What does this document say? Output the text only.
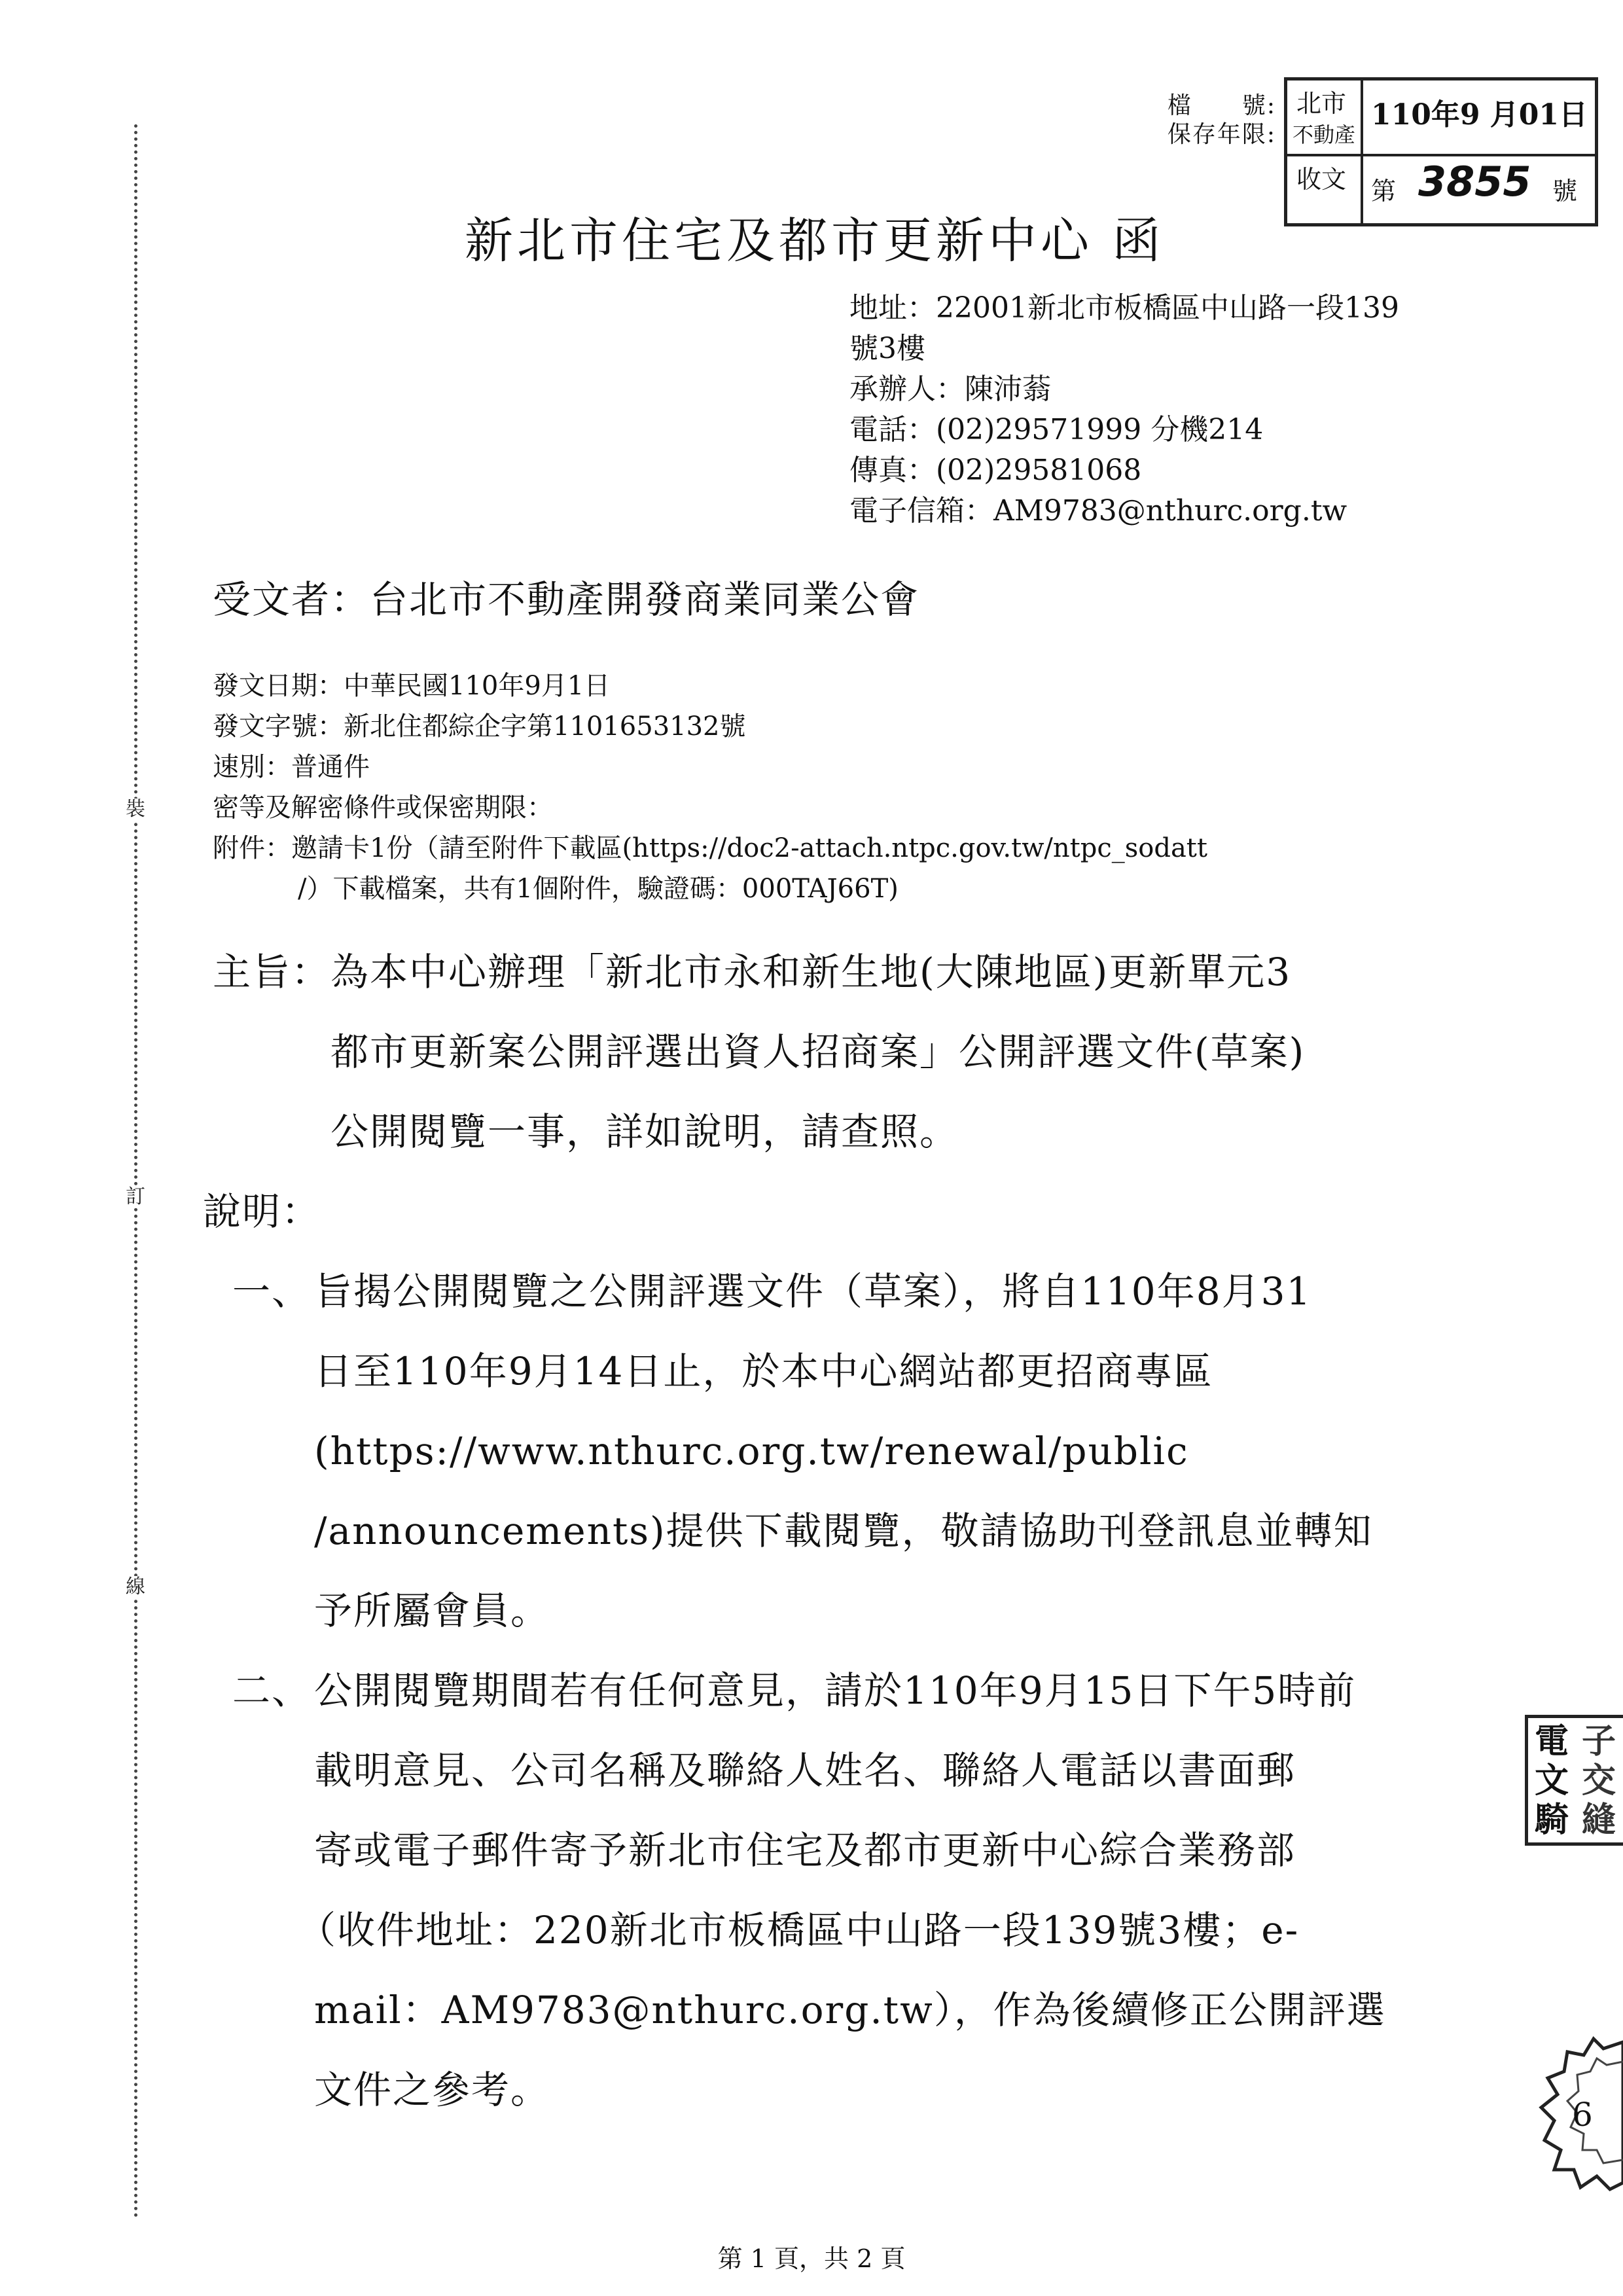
裝
訂
線
檔　　號:
保存年限:
北市
不動產
收文
110年9 月01日
第 3855 號
新北市住宅及都市更新中心 函
地址：22001新北市板橋區中山路一段139
號3樓
承辦人：陳沛蓊
電話：(02)29571999 分機214
傳真：(02)29581068
電子信箱：AM9783@nthurc.org.tw
受文者：台北市不動產開發商業同業公會
發文日期：中華民國110年9月1日
發文字號：新北住都綜企字第1101653132號
速別：普通件
密等及解密條件或保密期限：
附件：邀請卡1份（請至附件下載區(https://doc2-attach.ntpc.gov.tw/ntpc_sodatt
/）下載檔案，共有1個附件，驗證碼：000TAJ66T)
主旨： 為本中心辦理「新北市永和新生地(大陳地區)更新單元3
都市更新案公開評選出資人招商案」公開評選文件(草案)
公開閱覽一事，詳如說明，請查照。
說明：
一、 旨揭公開閱覽之公開評選文件（草案），將自110年8月31
日至110年9月14日止，於本中心網站都更招商專區
(https://www.nthurc.org.tw/renewal/public
/announcements)提供下載閱覽，敬請協助刊登訊息並轉知
予所屬會員。
二、 公開閱覽期間若有任何意見，請於110年9月15日下午5時前
載明意見、公司名稱及聯絡人姓名、聯絡人電話以書面郵
寄或電子郵件寄予新北市住宅及都市更新中心綜合業務部
（收件地址：220新北市板橋區中山路一段139號3樓；e-
mail：AM9783@nthurc.org.tw），作為後續修正公開評選
文件之參考。
電
文
騎
子
交
縫
6
第 1 頁，共 2 頁
